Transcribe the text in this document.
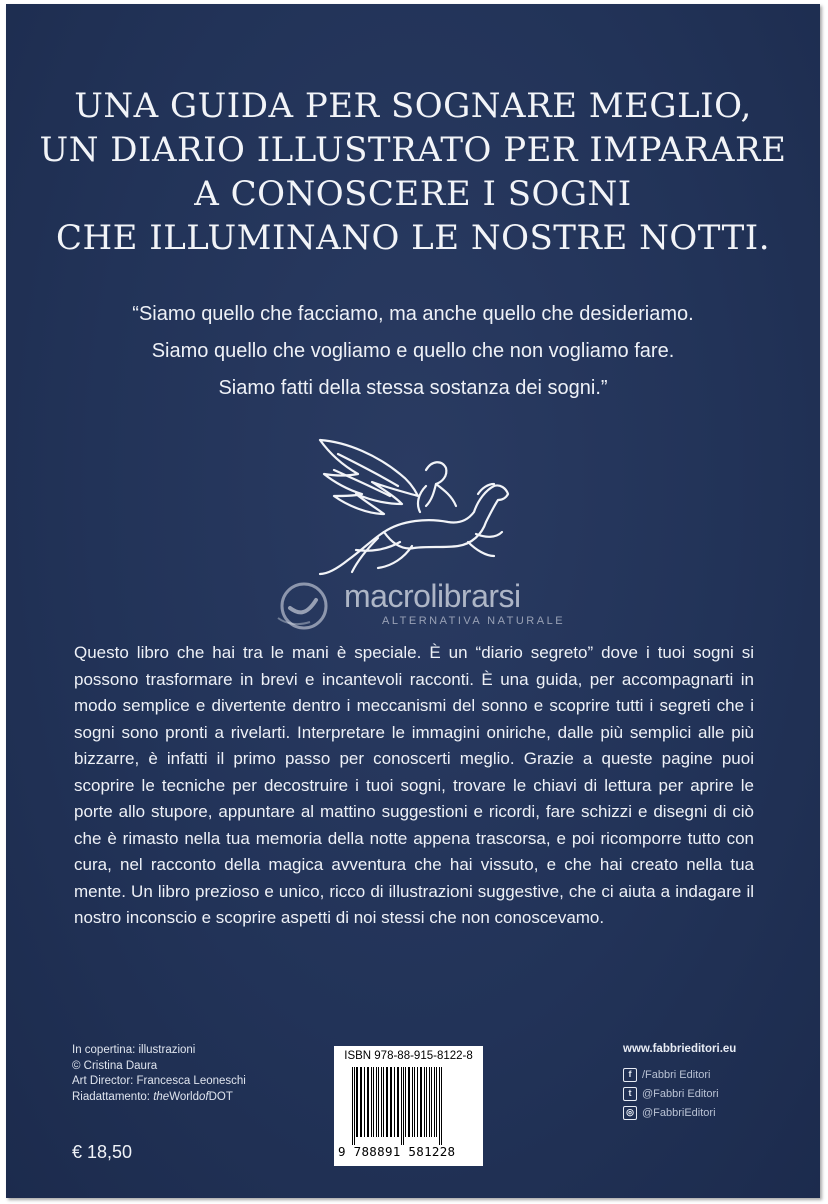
UNA GUIDA PER SOGNARE MEGLIO,
UN DIARIO ILLUSTRATO PER IMPARARE
A CONOSCERE I SOGNI
CHE ILLUMINANO LE NOSTRE NOTTI.
“Siamo quello che facciamo, ma anche quello che desideriamo.
Siamo quello che vogliamo e quello che non vogliamo fare.
Siamo fatti della stessa sostanza dei sogni.”
macrolibrarsi
ALTERNATIVA NATURALE
Questo libro che hai tra le mani è speciale. È un “diario segreto” dove i tuoi sogni si possono trasformare in brevi e incantevoli racconti. È una guida, per accompagnarti in modo semplice e divertente dentro i meccanismi del sonno e scoprire tutti i segreti che i sogni sono pronti a rivelarti. Interpretare le immagini oniriche, dalle più semplici alle più bizzarre, è infatti il primo passo per conoscerti meglio. Grazie a queste pagine puoi scoprire le tecniche per decostruire i tuoi sogni, trovare le chiavi di lettura per aprire le porte allo stupore, appuntare al mattino suggestioni e ricordi, fare schizzi e disegni di ciò che è rimasto nella tua memoria della notte appena trascorsa, e poi ricomporre tutto con cura, nel racconto della magica avventura che hai vissuto, e che hai creato nella tua mente. Un libro prezioso e unico, ricco di illustrazioni suggestive, che ci aiuta a indagare il nostro inconscio e scoprire aspetti di noi stessi che non conoscevamo.
In copertina: illustrazioni
© Cristina Daura
Art Director: Francesca Leoneschi
Riadattamento: theWorldofDOT
€ 18,50
ISBN 978-88-915-8122-8
9 788891 581228
www.fabbrieditori.eu
f /Fabbri Editori
t @Fabbri Editori
◎ @FabbriEditori
